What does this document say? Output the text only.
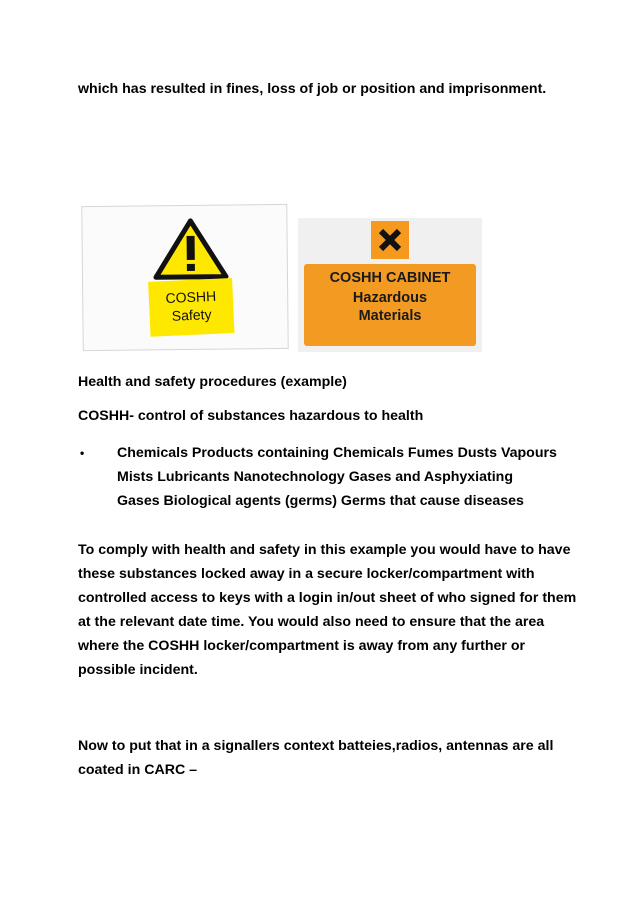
which has resulted in fines, loss of job or position and imprisonment.

COSHH
Safety
COSHH CABINET
Hazardous
Materials

Health and safety procedures (example)

COSHH- control of substances hazardous to health

• Chemicals Products containing Chemicals Fumes Dusts Vapours Mists Lubricants Nanotechnology Gases and Asphyxiating Gases Biological agents (germs) Germs that cause diseases

To comply with health and safety in this example you would have to have these substances locked away in a secure locker/compartment with controlled access to keys with a login in/out sheet of who signed for them at the relevant date time. You would also need to ensure that the area where the COSHH locker/compartment is away from any further or possible incident.

Now to put that in a signallers context batteies,radios, antennas are all coated in CARC –
